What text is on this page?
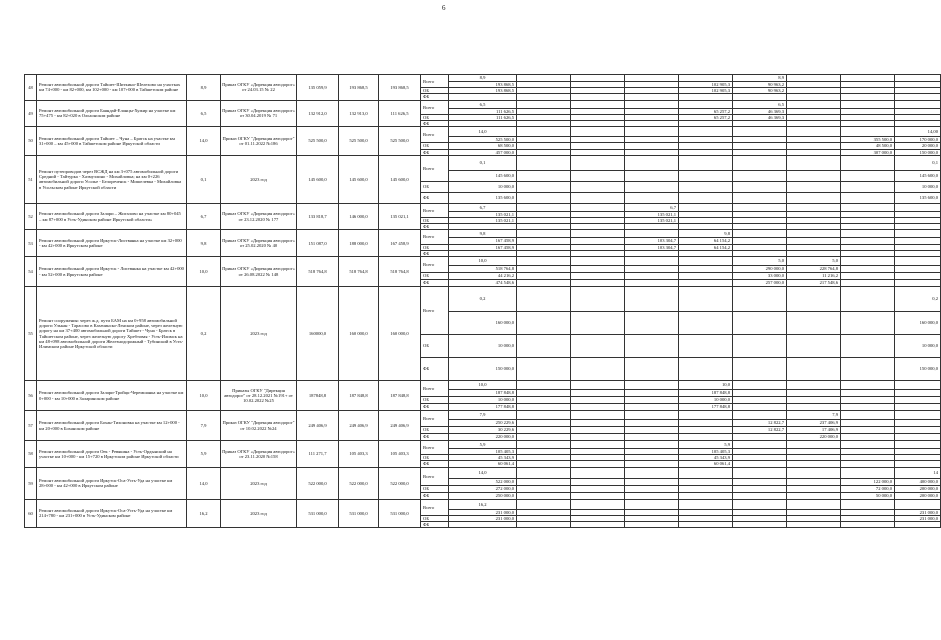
6
48	Ремонт автомобильной дороги Тайшет-Шиткино-Шелехово на участках км 74+000 - км 82+000, км 102+000 - км 107+000 в Тайшетском районе	8,9	Приказ ОГКУ «Дирекция автодорог» от 24.03.15 № 22	135 059,9	193 868,5	193 868,5	Всего	8,9					8,9			
								193 868,5				102 905,3	90 963,2			
							ОБ	193 868,5				102 905,3	90 963,2			
							ФБ									
49	Ремонт автомобильной дороги Баяндай-Еланцы-Хужир на участке км 75+475 - км 82+020 в Ольхонском районе	6,5	Приказ ОГКУ «Дирекция автодорог» от 30.04.2019 № 71	132 912,0	132 913,0	111 626,5	Всего	6,5					6,5			
								111 626,5				65 257,2	46 369,3			
							ОБ	111 626,5				65 257,2	46 369,3			
							ФБ									
50	Ремонт автомобильной дороги Тайшет – Чуна – Братск на участке км 31+000 – км 45+000 в Тайшетском районе Иркутской области	14,0	Приказ ОГКУ "Дирекция автодорог" от 01.11.2022 №186	525 500,0	525 500,0	525 500,0	Всего	14,0								14,00
								525 500,0							355 500,0	170 000,0
							ОБ	68 500,0							48 500,0	20 000,0
							ФБ	457 000,0							307 000,0	150 000,0
51	Ремонт путепроводов через ВСЖД на км 3+075 автомобильной дороги Средний - Тайтурка - Хазмуэлино - Михайловка; на км 0+226 автомобильной дороги Усолье - Белореченск - Мишелевка - Михайловка в Усольском районе Иркутской области	0,1	2023 год	145 600,0	145 600,0	145 600,0	Всего	0,1								0,1
								145 600,0								145 600,0
							ОБ	10 000,0								10 000,0
							ФБ	135 600,0								135 600,0
52	Ремонт автомобильной дороги Залари – Жигалово на участке км 80+045 – км 87+000 в Усть-Удинском районе Иркутской области»	6,7	Приказ ОГКУ «Дирекция автодорог» от 23.12.2020 № 177	133 818,7	146 000,0	135 021,1	Всего	6,7			6,7					
								135 021,1			135 021,1					
							ОБ	135 021,1			135 021,1					
							ФБ									
53	Ремонт автомобильной дороги Иркутск-Листвянка на участке км 32+000 - км 42+000 в Иркутском районе	9,8	Приказ ОГКУ «Дирекция автодорог» от 25.02.2020 № 40	151 087,0	188 000,0	167 458,9	Всего	9,8				9,8				
								167 458,9			103 304,7	64 154,2				
							ОБ	167 458,9			103 304,7	64 154,2				
							ФБ									
54	Ремонт автомобильной дороги Иркутск - Листвянка на участке км 42+000 - км 52+000 в Иркутском районе	10,0	Приказ ОГКУ «Дирекция автодорог» от 26.08.2022 № 148	518 764,8	518 764,8	518 764,8	Всего	10,0					5,0	5,0		
								518 764,8					290 000,0	228 764,8		
							ОБ	44 216,2					33 000,0	11 216,2		
							ФБ	474 548,6					257 000,0	217 548,6		
55	Ремонт сооружения: через ж.д. пути БАМ на км 0+958 автомобильной дороги Улькан - Тарасово в Казачинско-Ленском районе, через железную дорогу на км 37+400 автомобильной дороги Тайшет - Чуна - Братск в Тайшетском районе, через железную дорогу Хребтовая - Усть-Илимск на км 48+098 автомобильной дороги Железнодорожный - Тубинский в Усть-Илимском районе Иркутской области	0,2	2023 год	160000,0	160 000,0	160 000,0	Всего	0,2								0,2
								160 000,0								160 000,0
							ОБ	10 000,0								10 000,0
							ФБ	150 000,0								150 000,0
56	Ремонт автомобильной дороги Залари-Тройцк-Черемшанка на участке км 0+000 - км 10+000 в Заларинском районе	10,0	Приказы ОГКУ "Дирекция автодорог" от 28.12.2021 №191+ от 10.02.2022 №25	187848,8	187 848,8	187 848,8	Всего	10,0				10,0				
								187 848,8				187 848,8				
							ОБ	10 000,0				10 000,0				
							ФБ	177 848,8				177 848,8				
57	Ремонт автомобильной дороги Бохан-Тихоновка на участке км 12+000 - км 20+000 в Боханском районе	7,9	Приказ ОГКУ "Дирекция автодорог" от 10.02.2022 №24	249 406,9	249 406,9	249 406,9	Всего	7,9						7,9		
								250 229,6					12 822,7	237 406,9		
							ОБ	30 229,6					12 822,7	17 406,9		
							ФБ	220 000,0						220 000,0		
58	Ремонт автомобильной дороги Оек - Ревякина - Усть-Ордынский на участке км 10+000 - км 15+720 в Иркутском районе Иркутской области	5,9	Приказ ОГКУ «Дирекция автодорог» от 23.11.2020 №158	111 271,7	105 403,3	105 403,3	Всего	5,9				5,9				
								105 405,3				105 405,3				
							ОБ	45 343,9				45 343,9				
							ФБ	60 061,4				60 061,4				
59	Ремонт автомобильной дороги Иркутск-Оса-Усть-Уда на участке км 28+000 - км 42+000 в Иркутском районе	14,0	2023 год	522 000,0	522 000,0	522 000,0	Всего	14,0								14
								522 000,0							122 000,0	400 000,0
							ОБ	272 000,0							72 000,0	200 000,0
							ФБ	250 000,0							50 000,0	200 000,0
60	Ремонт автомобильной дороги Иркутск-Оса-Усть-Уда на участке км 214+780 - км 231+000 в Усть-Удинском районе	16,2	2023 год	531 000,0	531 000,0	531 000,0	Всего	16,2								
								231 000,0								231 000,0
							ОБ	231 000,0								231 000,0
							ФБ									
